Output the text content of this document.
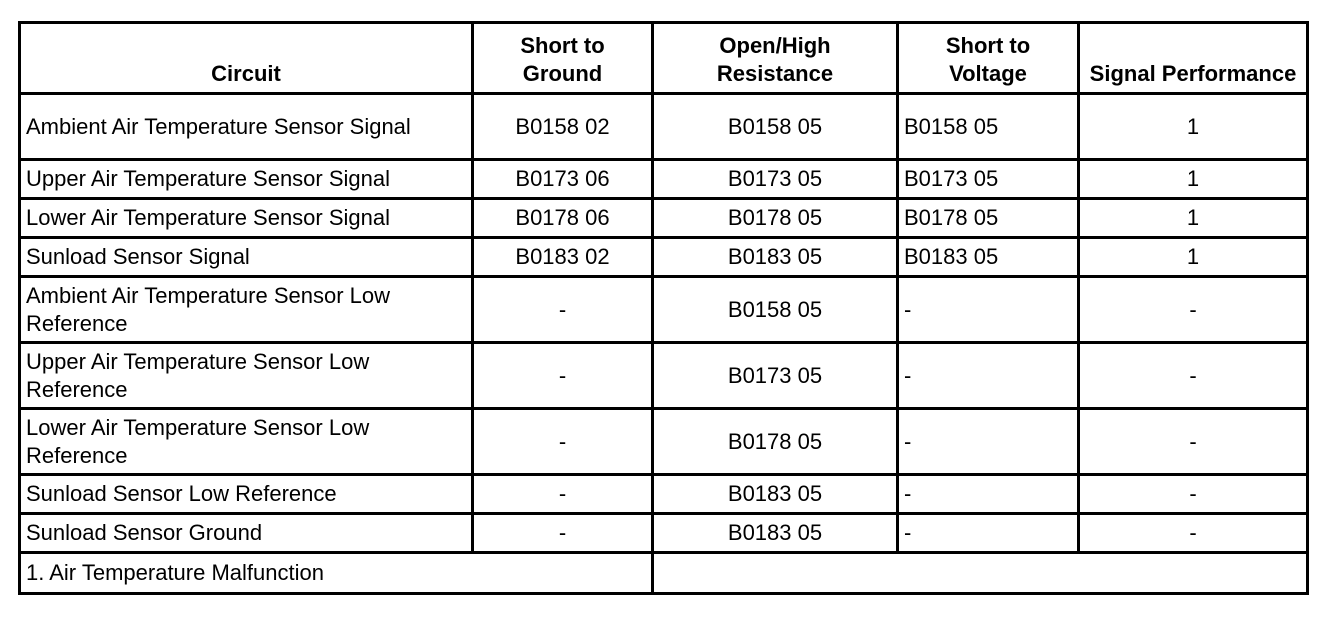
Circuit	Short to Ground	Open/High Resistance	Short to Voltage	Signal Performance
Ambient Air Temperature Sensor Signal	B0158 02	B0158 05	B0158 05	1
Upper Air Temperature Sensor Signal	B0173 06	B0173 05	B0173 05	1
Lower Air Temperature Sensor Signal	B0178 06	B0178 05	B0178 05	1
Sunload Sensor Signal	B0183 02	B0183 05	B0183 05	1
Ambient Air Temperature Sensor Low Reference	-	B0158 05	-	-
Upper Air Temperature Sensor Low Reference	-	B0173 05	-	-
Lower Air Temperature Sensor Low Reference	-	B0178 05	-	-
Sunload Sensor Low Reference	-	B0183 05	-	-
Sunload Sensor Ground	-	B0183 05	-	-
1. Air Temperature Malfunction				
